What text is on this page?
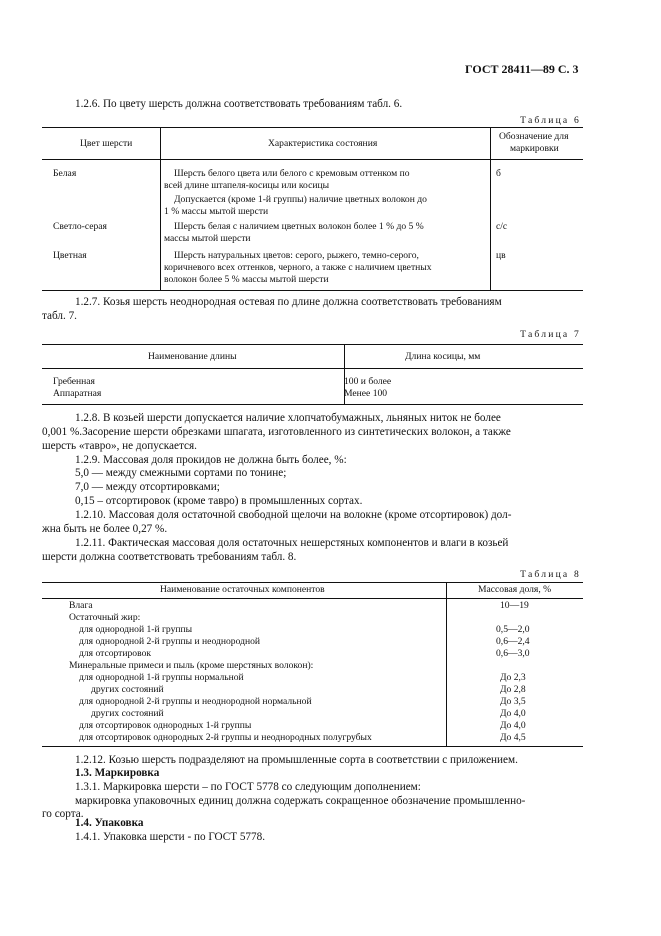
ГОСТ 28411—89 С. 3
1.2.6. По цвету шерсть должна соответствовать требованиям табл. 6.
Таблица 6
Цвет шерсти	Характеристика состояния
Обозначение для
маркировки
Белая	Шерсть белого цвета или белого с кремовым оттенком по
всей длине штапеля-косицы или косицы
Допускается (кроме 1-й группы) наличие цветных волокон до
1 % массы мытой шерсти
б
Светло-серая	Шерсть белая с наличием цветных волокон более 1 % до 5 %
массы мытой шерсти
с/с
Цветная	Шерсть натуральных цветов: серого, рыжего, темно-серого,
коричневого всех оттенков, черного, а также с наличием цветных
волокон более 5 % массы мытой шерсти
цв
1.2.7. Козья шерсть неоднородная остевая по длине должна соответствовать требованиям
табл. 7.
Таблица 7
Наименование длины	Длина косицы, мм
Гребенная	100 и более
Аппаратная	Менее 100
1.2.8. В козьей шерсти допускается наличие хлопчатобумажных, льняных ниток не более
0,001 %.Засорение шерсти обрезками шпагата, изготовленного из синтетических волокон, а также
шерсть «тавро», не допускается.
1.2.9. Массовая доля прокидов не должна быть более, %:
5,0 — между смежными сортами по тонине;
7,0 — между отсортировками;
0,15 – отсортировок (кроме тавро) в промышленных сортах.
1.2.10. Массовая доля остаточной свободной щелочи на волокне (кроме отсортировок) дол-
жна быть не более 0,27 %.
1.2.11. Фактическая массовая доля остаточных нешерстяных компонентов и влаги в козьей
шерсти должна соответствовать требованиям табл. 8.
Таблица 8
Наименование остаточных компонентов	Массовая доля, %
Влага	10—19
Остаточный жир:
для однородной 1-й группы	0,5—2,0
для однородной 2-й группы и неоднородной	0,6—2,4
для отсортировок	0,6—3,0
Минеральные примеси и пыль (кроме шерстяных волокон):
для однородной 1-й группы нормальной	До 2,3
других состояний	До 2,8
для однородной 2-й группы и неоднородной нормальной	До 3,5
других состояний	До 4,0
для отсортировок однородных 1-й группы	До 4,0
для отсортировок однородных 2-й группы и неоднородных полугрубых	До 4,5
1.2.12. Козью шерсть подразделяют на промышленные сорта в соответствии с приложением.
1.3. Маркировка
1.3.1. Маркировка шерсти – по ГОСТ 5778 со следующим дополнением:
маркировка упаковочных единиц должна содержать сокращенное обозначение промышленно-
го сорта.
1.4. Упаковка
1.4.1. Упаковка шерсти - по ГОСТ 5778.
